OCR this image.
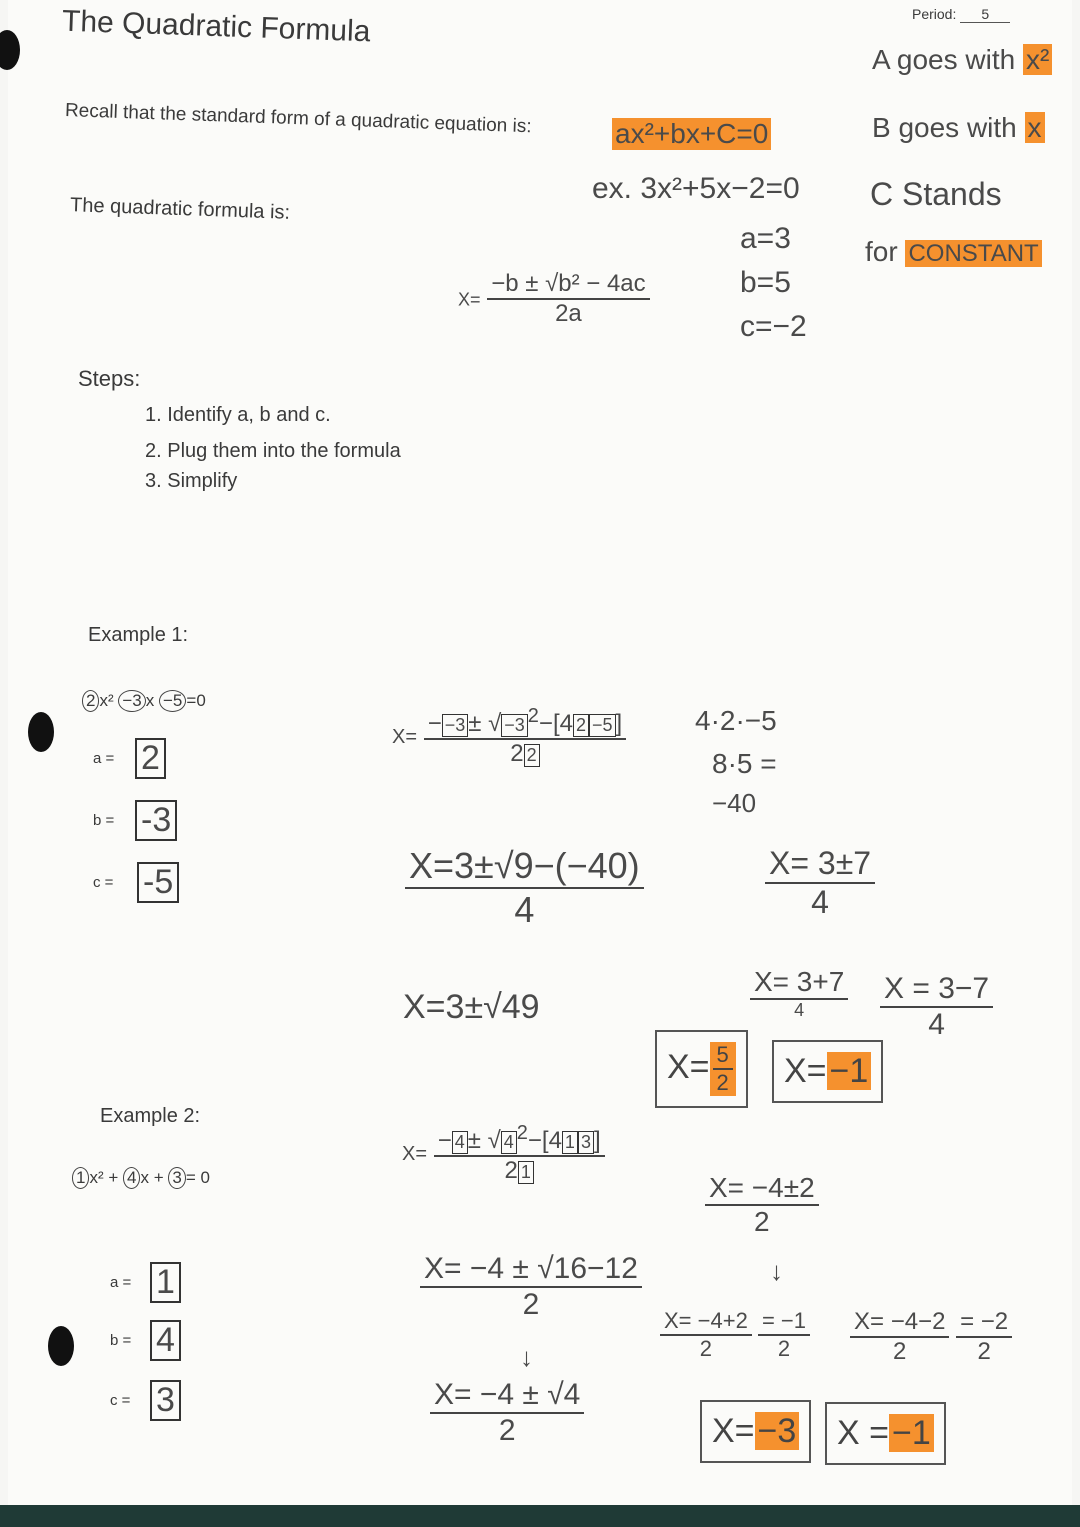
The Quadratic Formula	Period: 5
Recall that the standard form of a quadratic equation is:	ax²+bx+C=0
ex. 3x²+5x−2=0
a=3
b=5
c=−2
A goes with x²
B goes with x
C Stands
for CONSTANT
The quadratic formula is:
$X= \frac{\text{−b ± √b² − 4ac}}{2a}$
Steps:
1. Identify a, b and c.
2. Plug them into the formula
3. Simplify
Example 1:
2 x² −3 x −5 =0
a = 2
b = -3
c = -5
$X= \frac{- -3 \pm √ -3 ^2-[4 2 -5 ]}{2 2} 4\cdot 2\cdot-5$
8·5 =
−40
$\frac{X=3\pm√9-(-40)}{4}$	$\frac{X= 3\pm 7}{4}$
X=3±√49	$\frac{X= 3+7}{4} \frac{X = 3-7}{4}$
$X= \frac{5}{2}$	X=−1
Example 2:
1 x² + 4 x + 3 = 0
a = 1
b = 4
c = 3
$X= \frac{- 4 \pm √ 4 ^2-[4 1 3 ]}{2 1}$
$\frac{X= -4 \pm √16-12}{2}$
↓
$\frac{X= -4 \pm √4}{2}$
$\frac{X= -4\pm 2}{2}$
↓
$\frac{X= -4+2}{2}$
$\frac{= -1}{2} \frac{X= -4-2}{2}$
$\frac{= -2}{2}$
X=−3	X =−1
